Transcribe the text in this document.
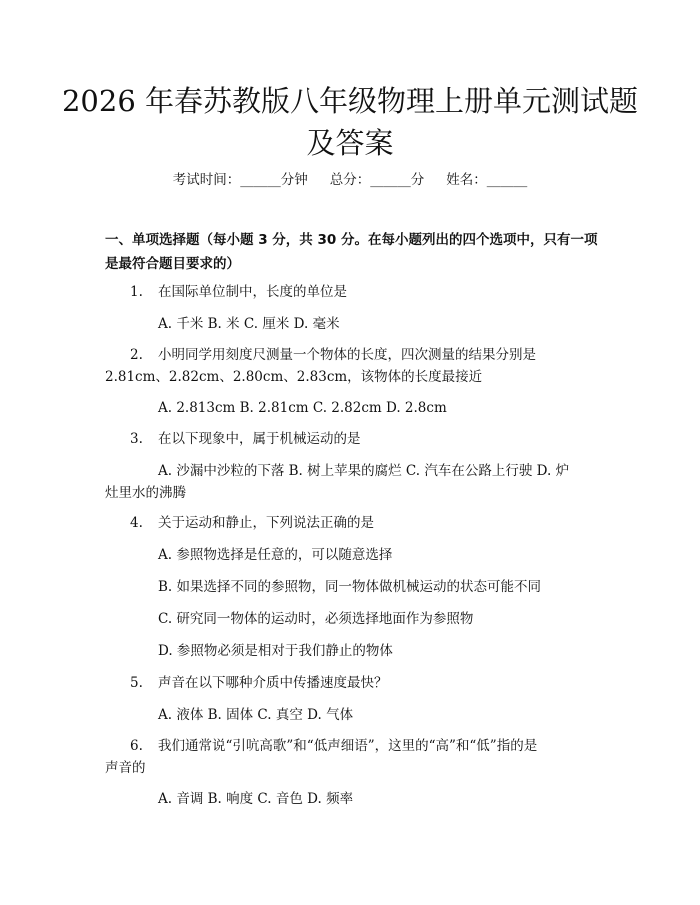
2026 年春苏教版八年级物理上册单元测试题及答案
考试时间：______分钟 总分：______分 姓名：______

一、单项选择题（每小题 3 分，共 30 分。在每小题列出的四个选项中，只有一项是最符合题目要求的）

1. 在国际单位制中，长度的单位是
A. 千米 B. 米 C. 厘米 D. 毫米
2. 小明同学用刻度尺测量一个物体的长度，四次测量的结果分别是
2.81cm、2.82cm、2.80cm、2.83cm，该物体的长度最接近
A. 2.813cm B. 2.81cm C. 2.82cm D. 2.8cm
3. 在以下现象中，属于机械运动的是
A. 沙漏中沙粒的下落 B. 树上苹果的腐烂 C. 汽车在公路上行驶 D. 炉
灶里水的沸腾
4. 关于运动和静止，下列说法正确的是
A. 参照物选择是任意的，可以随意选择
B. 如果选择不同的参照物，同一物体做机械运动的状态可能不同
C. 研究同一物体的运动时，必须选择地面作为参照物
D. 参照物必须是相对于我们静止的物体
5. 声音在以下哪种介质中传播速度最快？
A. 液体 B. 固体 C. 真空 D. 气体
6. 我们通常说“引吭高歌”和“低声细语”，这里的“高”和“低”指的是
声音的
A. 音调 B. 响度 C. 音色 D. 频率
